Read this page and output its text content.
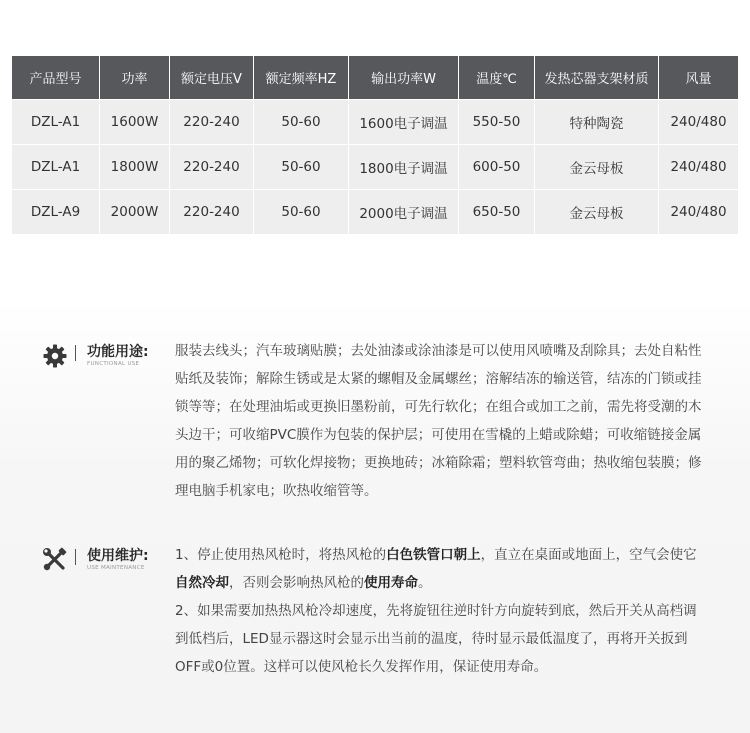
产品型号	功率	额定电压V	额定频率HZ	输出功率W	温度℃	发热芯器支架材质	风量
DZL-A1	1600W	220-240	50-60	1600电子调温	550-50	特种陶瓷	240/480
DZL-A1	1800W	220-240	50-60	1800电子调温	600-50	金云母板	240/480
DZL-A9	2000W	220-240	50-60	2000电子调温	650-50	金云母板	240/480
功能用途:
FUNCTIONAL USE
服装去线头；汽车玻璃贴膜；去处油漆或涂油漆是可以使用风喷嘴及刮除具；去处自粘性贴纸及装饰；解除生锈或是太紧的螺帽及金属螺丝；溶解结冻的输送管，结冻的门锁或挂锁等等；在处理油垢或更换旧墨粉前，可先行软化；在组合或加工之前，需先将受潮的木头边干；可收缩PVC膜作为包装的保护层；可使用在雪橇的上蜡或除蜡；可收缩链接金属用的聚乙烯物；可软化焊接物；更换地砖；冰箱除霜；塑料软管弯曲；热收缩包装膜；修理电脑手机家电；吹热收缩管等。
使用维护:
USE MAINTENANCE
1、停止使用热风枪时，将热风枪的白色铁管口朝上，直立在桌面或地面上，空气会使它自然冷却，否则会影响热风枪的使用寿命。
2、如果需要加热热风枪冷却速度，先将旋钮往逆时针方向旋转到底，然后开关从高档调到低档后，LED显示器这时会显示出当前的温度，待时显示最低温度了，再将开关扳到OFF或0位置。这样可以使风枪长久发挥作用，保证使用寿命。
